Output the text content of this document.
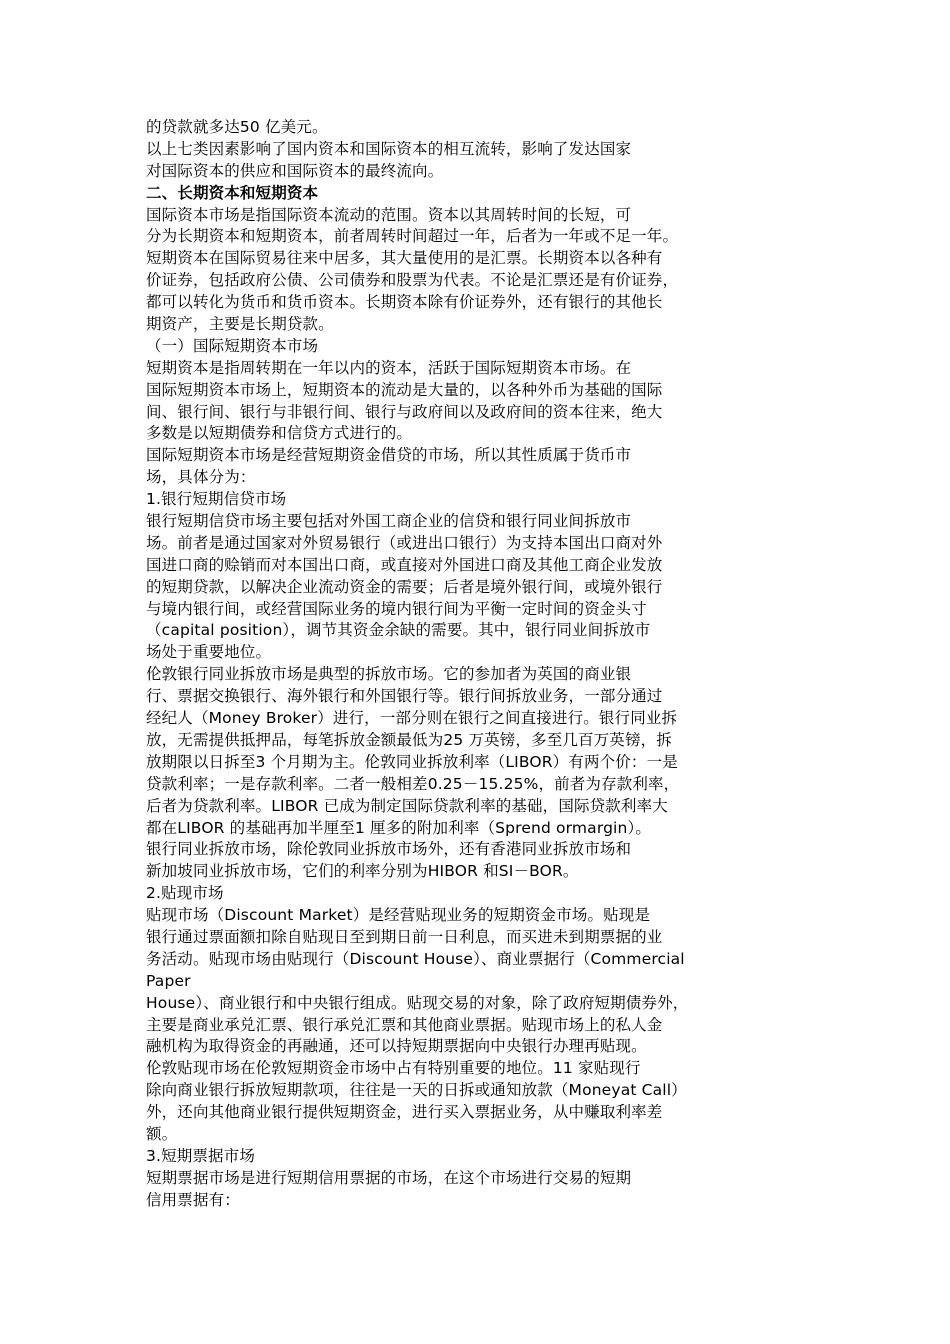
的贷款就多达50 亿美元。
以上七类因素影响了国内资本和国际资本的相互流转，影响了发达国家
对国际资本的供应和国际资本的最终流向。
二、长期资本和短期资本
国际资本市场是指国际资本流动的范围。资本以其周转时间的长短，可
分为长期资本和短期资本，前者周转时间超过一年，后者为一年或不足一年。
短期资本在国际贸易往来中居多，其大量使用的是汇票。长期资本以各种有
价证券，包括政府公债、公司债券和股票为代表。不论是汇票还是有价证券，
都可以转化为货币和货币资本。长期资本除有价证券外，还有银行的其他长
期资产，主要是长期贷款。
（一）国际短期资本市场
短期资本是指周转期在一年以内的资本，活跃于国际短期资本市场。在
国际短期资本市场上，短期资本的流动是大量的，以各种外币为基础的国际
间、银行间、银行与非银行间、银行与政府间以及政府间的资本往来，绝大
多数是以短期债券和信贷方式进行的。
国际短期资本市场是经营短期资金借贷的市场，所以其性质属于货币市
场，具体分为：
1.银行短期信贷市场
银行短期信贷市场主要包括对外国工商企业的信贷和银行同业间拆放市
场。前者是通过国家对外贸易银行（或进出口银行）为支持本国出口商对外
国进口商的赊销而对本国出口商，或直接对外国进口商及其他工商企业发放
的短期贷款，以解决企业流动资金的需要；后者是境外银行间，或境外银行
与境内银行间，或经营国际业务的境内银行间为平衡一定时间的资金头寸
（capital position），调节其资金余缺的需要。其中，银行同业间拆放市
场处于重要地位。
伦敦银行同业拆放市场是典型的拆放市场。它的参加者为英国的商业银
行、票据交换银行、海外银行和外国银行等。银行间拆放业务，一部分通过
经纪人（Money Broker）进行，一部分则在银行之间直接进行。银行同业拆
放，无需提供抵押品，每笔拆放金额最低为25 万英镑，多至几百万英镑，拆
放期限以日拆至3 个月期为主。伦敦同业拆放利率（LIBOR）有两个价：一是
贷款利率；一是存款利率。二者一般相差0.25－15.25%，前者为存款利率，
后者为贷款利率。LIBOR 已成为制定国际贷款利率的基础，国际贷款利率大
都在LIBOR 的基础再加半厘至1 厘多的附加利率（Sprend ormargin）。
银行同业拆放市场，除伦敦同业拆放市场外，还有香港同业拆放市场和
新加坡同业拆放市场，它们的利率分别为HIBOR 和SI－BOR。
2.贴现市场
贴现市场（Discount Market）是经营贴现业务的短期资金市场。贴现是
银行通过票面额扣除自贴现日至到期日前一日利息，而买进未到期票据的业
务活动。贴现市场由贴现行（Discount House）、商业票据行（Commercial
Paper
House）、商业银行和中央银行组成。贴现交易的对象，除了政府短期债券外，
主要是商业承兑汇票、银行承兑汇票和其他商业票据。贴现市场上的私人金
融机构为取得资金的再融通，还可以持短期票据向中央银行办理再贴现。
伦敦贴现市场在伦敦短期资金市场中占有特别重要的地位。11 家贴现行
除向商业银行拆放短期款项，往往是一天的日拆或通知放款（Moneyat Call）
外，还向其他商业银行提供短期资金，进行买入票据业务，从中赚取利率差
额。
3.短期票据市场
短期票据市场是进行短期信用票据的市场，在这个市场进行交易的短期
信用票据有：
